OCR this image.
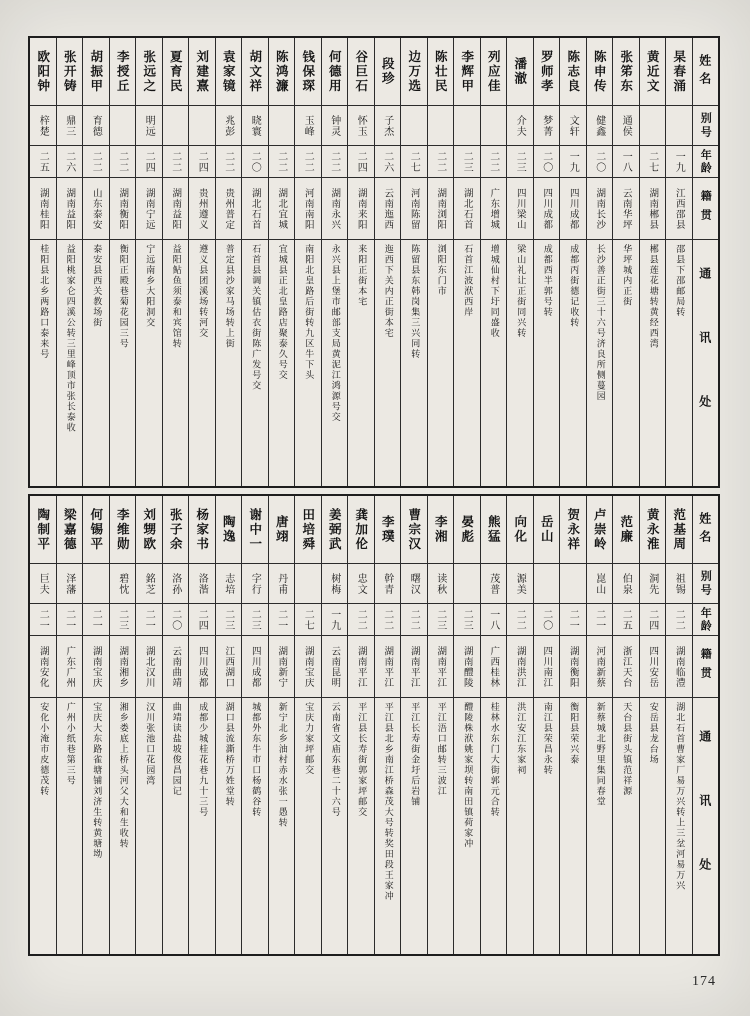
姓名
别号
年龄
籍贯
通讯处
杲春涌
一九
江西邵县
邵县下邵邮局转
黄近文
二七
湖南郴县
郴县莲花塘转黄经西湾
张笫东
通侯
一八
云南华坪
华坪城内正街
陈申传
健鑫
二〇
湖南长沙
长沙善正街三十六号济良所侧蔓园
陈志良
文轩
一九
四川成都
成都丙街德记收转
罗师孝
梦菁
二〇
四川成都
成都西半郭号转
潘澈
介夫
二三
四川梁山
梁山礼让正街同兴转
列应佳
二二
广东增城
增城仙村下圩同盛收
李辉甲
二三
湖北石首
石首江波洑西岸
陈壮民
二二
湖南浏阳
浏阳东门市
边万选
二七
河南陈留
陈留县东韩岗集三兴同转
段珍
子杰
二六
云南迤西
迤西下关内正街本宅
谷巨石
怀玉
二四
湖南来阳
来阳正街本宅
何德用
钟灵
二二
湖南永兴
永兴县上堡市邮部支局黄泥江鸿源号交
钱保琛
玉峰
二二
河南南阳
南阳北皇路后街转九区牛下头
陈鸿濂
二二
湖北宜城
宜城县正北皇路店聚泰久号交
胡文祥
晓寰
二〇
湖北石首
石首县调关镇估衣街陈广发号交
袁家镜
兆彭
二二
贵州普定
普定县沙家马场转上街
刘建熹
二四
贵州遵义
遵义县团溪场转河交
夏育民
二二
湖南益阳
益阳鲇鱼须泰和宾馆转
张远之
明远
二四
湖南宁远
宁远南乡大阳洞交
李授丘
二二
湖南衡阳
衡阳正殿巷菊花园三号
胡振甲
育德
二二
山东泰安
泰安县西关教场街
张开铸
鼎三
二六
湖南益阳
益阳桃家仑四溪公转三里峰顶市张长泰收
欧阳钟
梓楚
二五
湖南桂阳
桂阳县北乡两路口泰来号
姓名
别号
年龄
籍贯
通讯处
范基周
祖锡
二二
湖南临澧
湖北石首曹家厂易万兴转上三坌河易万兴
黄永淮
洞先
二四
四川安岳
安岳县龙台场
范廉
伯泉
二五
浙江天台
天台县街头镇范祥源
卢崇岭
崑山
二一
河南新蔡
新蔡城北野里集同春堂
贺永祥
二一
湖南衡阳
衡阳县荣兴泰
岳山
二〇
四川南江
南江县荣昌永转
向化
源美
二二
湖南洪江
洪江安江东家祠
熊猛
茂普
一八
广西桂林
桂林水东门大街郭元合转
晏彪
二三
湖南醴陵
醴陵株洑姚家坝转南田镇荷家冲
李湘
读秋
二三
湖南平江
平江浯口邮转三波江
曹宗汉
曙汉
二二
湖南平江
平江长寿街金圩后岩铺
李璞
幹青
二二
湖南平江
平江县北乡南江桥森茂大号转奖田段王家冲
龚加伦
忠文
二二
湖南平江
平江县长寿街郭家坪邮交
姜弼武
树梅
一九
云南昆明
云南省文庙东巷二十六号
田培舜
二七
湖南宝庆
宝庆力家坪邮交
唐翊
丹甫
二一
湖南新宁
新宁北乡油村赤水张一愚转
谢中一
字行
二三
四川成都
城都外东牛市口杨鹤谷转
陶逸
志培
二三
江西湖口
湖口县流澌桥万姓堂转
杨家书
洛湝
二四
四川成都
成都少城桂花巷九十三号
张子余
洛孙
二〇
云南曲靖
曲靖读盐坡俊昌园记
刘甥欧
銘芝
二一
湖北汉川
汉川张池口花园湾
李维勋
碧忱
二三
湖南湘乡
湘乡娄底上桥头河父大和生收转
何锡平
二一
湖南宝庆
宝庆大东路雀塘铺刘济生转黄塘坳
梁嘉德
泽藩
二一
广东广州
广州小纸巷第三号
陶制平
巨夫
二一
湖南安化
安化小淹市皮德茂转
174
